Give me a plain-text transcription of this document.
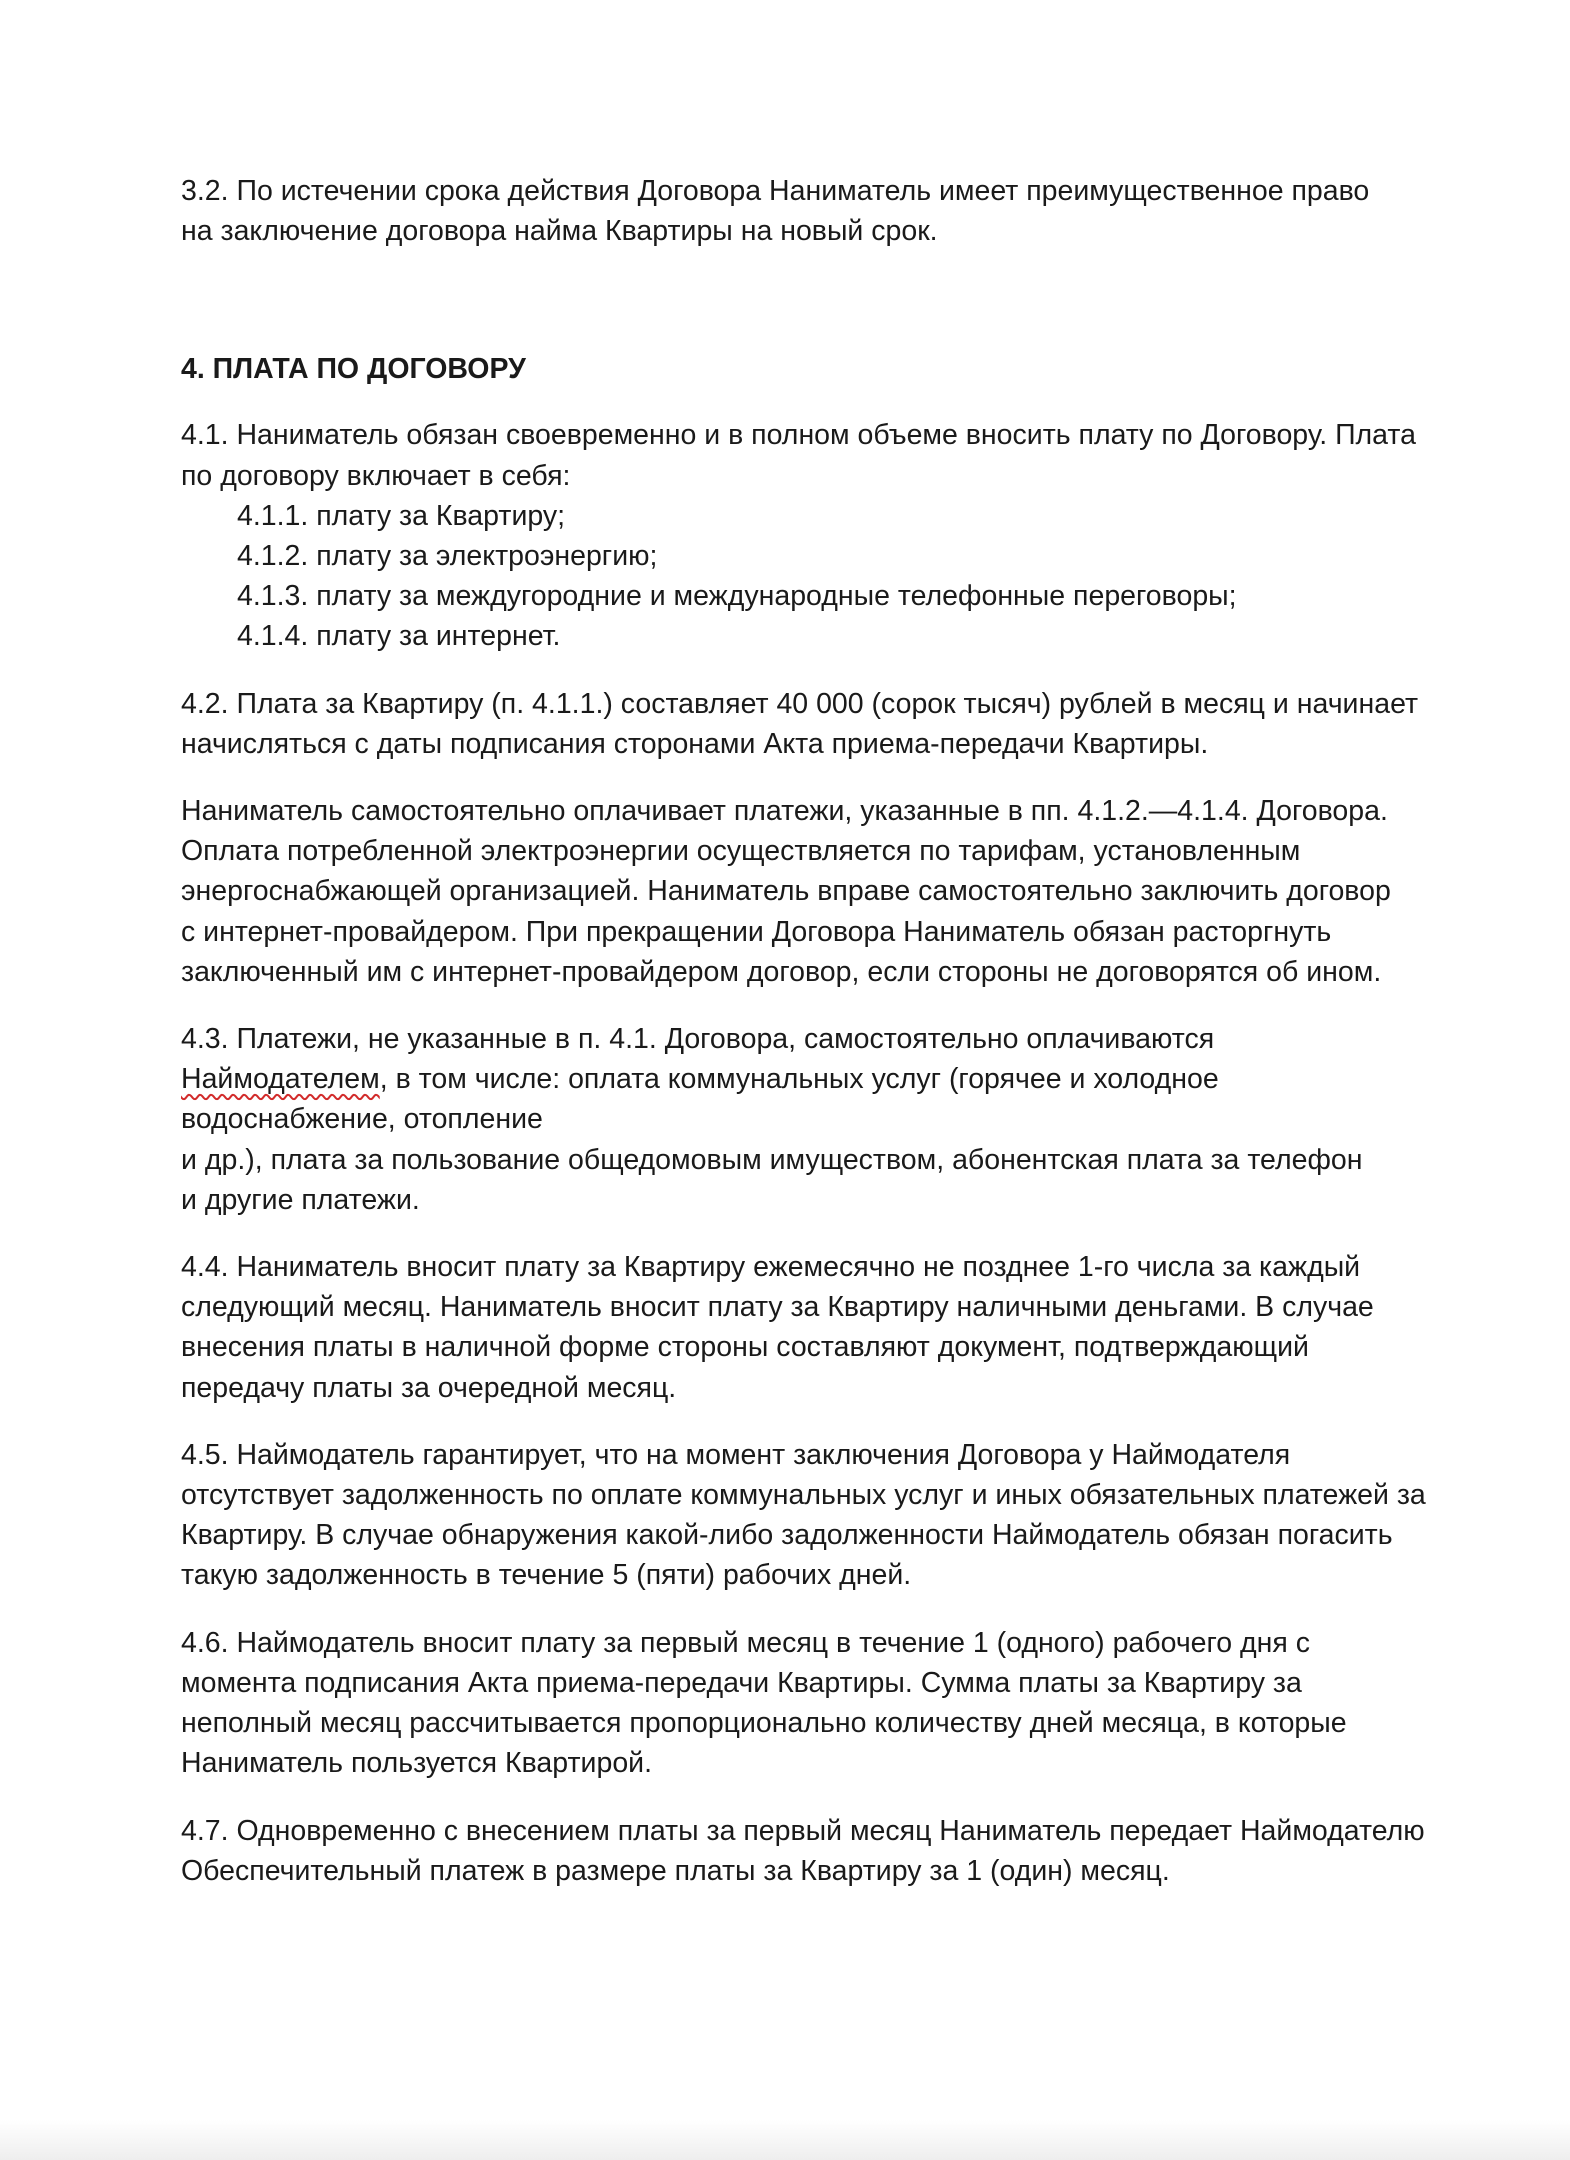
3.2. По истечении срока действия Договора Наниматель имеет преимущественное право
на заключение договора найма Квартиры на новый срок.
4. ПЛАТА ПО ДОГОВОРУ
4.1. Наниматель обязан своевременно и в полном объеме вносить плату по Договору. Плата
по договору включает в себя:
4.1.1. плату за Квартиру;
4.1.2. плату за электроэнергию;
4.1.3. плату за междугородние и международные телефонные переговоры;
4.1.4. плату за интернет.
4.2. Плата за Квартиру (п. 4.1.1.) составляет 40 000 (сорок тысяч) рублей в месяц и начинает
начисляться с даты подписания сторонами Акта приема-передачи Квартиры.
Наниматель самостоятельно оплачивает платежи, указанные в пп. 4.1.2.—4.1.4. Договора.
Оплата потребленной электроэнергии осуществляется по тарифам, установленным
энергоснабжающей организацией. Наниматель вправе самостоятельно заключить договор
с интернет-провайдером. При прекращении Договора Наниматель обязан расторгнуть
заключенный им с интернет-провайдером договор, если стороны не договорятся об ином.
4.3. Платежи, не указанные в п. 4.1. Договора, самостоятельно оплачиваются
Наймодателем, в том числе: оплата коммунальных услуг (горячее и холодное
водоснабжение, отопление
и др.), плата за пользование общедомовым имуществом, абонентская плата за телефон
и другие платежи.
4.4. Наниматель вносит плату за Квартиру ежемесячно не позднее 1-го числа за каждый
следующий месяц. Наниматель вносит плату за Квартиру наличными деньгами. В случае
внесения платы в наличной форме стороны составляют документ, подтверждающий
передачу платы за очередной месяц.
4.5. Наймодатель гарантирует, что на момент заключения Договора у Наймодателя
отсутствует задолженность по оплате коммунальных услуг и иных обязательных платежей за
Квартиру. В случае обнаружения какой-либо задолженности Наймодатель обязан погасить
такую задолженность в течение 5 (пяти) рабочих дней.
4.6. Наймодатель вносит плату за первый месяц в течение 1 (одного) рабочего дня с
момента подписания Акта приема-передачи Квартиры. Сумма платы за Квартиру за
неполный месяц рассчитывается пропорционально количеству дней месяца, в которые
Наниматель пользуется Квартирой.
4.7. Одновременно с внесением платы за первый месяц Наниматель передает Наймодателю
Обеспечительный платеж в размере платы за Квартиру за 1 (один) месяц.
